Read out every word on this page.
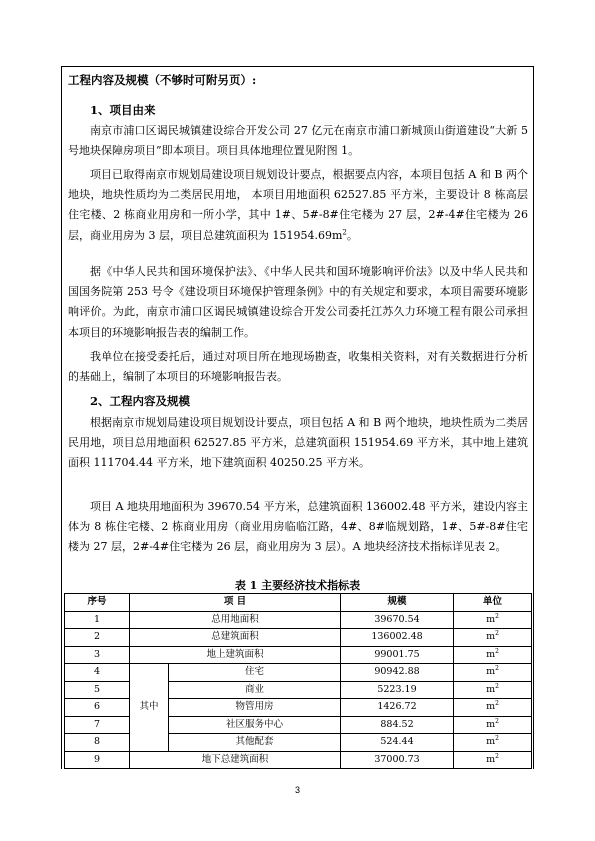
工程内容及规模（不够时可附另页）:
1、项目由来

南京市浦口区谒民城镇建设综合开发公司 27 亿元在南京市浦口新城顶山街道建设“大新 5 号地块保障房项目”即本项目。项目具体地理位置见附图 1。

项目已取得南京市规划局建设项目规划设计要点，根据要点内容，本项目包括 A 和 B 两个地块，地块性质均为二类居民用地， 本项目用地面积 62527.85 平方米，主要设计 8 栋高层住宅楼、2 栋商业用房和一所小学，其中 1#、5#-8#住宅楼为 27 层，2#-4#住宅楼为 26 层，商业用房为 3 层，项目总建筑面积为 $151954.69m^2$。

据《中华人民共和国环境保护法》、《中华人民共和国环境影响评价法》以及中华人民共和国国务院第 253 号令《建设项目环境保护管理条例》中的有关规定和要求，本项目需要环境影响评价。为此，南京市浦口区谒民城镇建设综合开发公司委托江苏久力环境工程有限公司承担本项目的环境影响报告表的编制工作。

我单位在接受委托后，通过对项目所在地现场勘查，收集相关资料，对有关数据进行分析的基础上，编制了本项目的环境影响报告表。

2、工程内容及规模

根据南京市规划局建设项目规划设计要点，项目包括 A 和 B 两个地块，地块性质为二类居民用地，项目总用地面积 62527.85 平方米，总建筑面积 151954.69 平方米，其中地上建筑面积 111704.44 平方米，地下建筑面积 40250.25 平方米。

项目 A 地块用地面积为 39670.54 平方米，总建筑面积 136002.48 平方米，建设内容主体为 8 栋住宅楼、2 栋商业用房（商业用房临临江路，4#、8#临规划路，1#、5#-8#住宅楼为 27 层，2#-4#住宅楼为 26 层，商业用房为 3 层）。A 地块经济技术指标详见表 2。

表 1 主要经济技术指标表
序号	项 目		规模	单位
1	总用地面积		39670.54	$m^2$
2	总建筑面积		136002.48	$m^2$
3	地上建筑面积		99001.75	$m^2$
4	其中	住宅	90942.88	$m^2$
5		商业	5223.19	$m^2$
6		物管用房	1426.72	$m^2$
7		社区服务中心	884.52	$m^2$
8		其他配套	524.44	$m^2$
9	地下总建筑面积		37000.73	$m^2$
3
